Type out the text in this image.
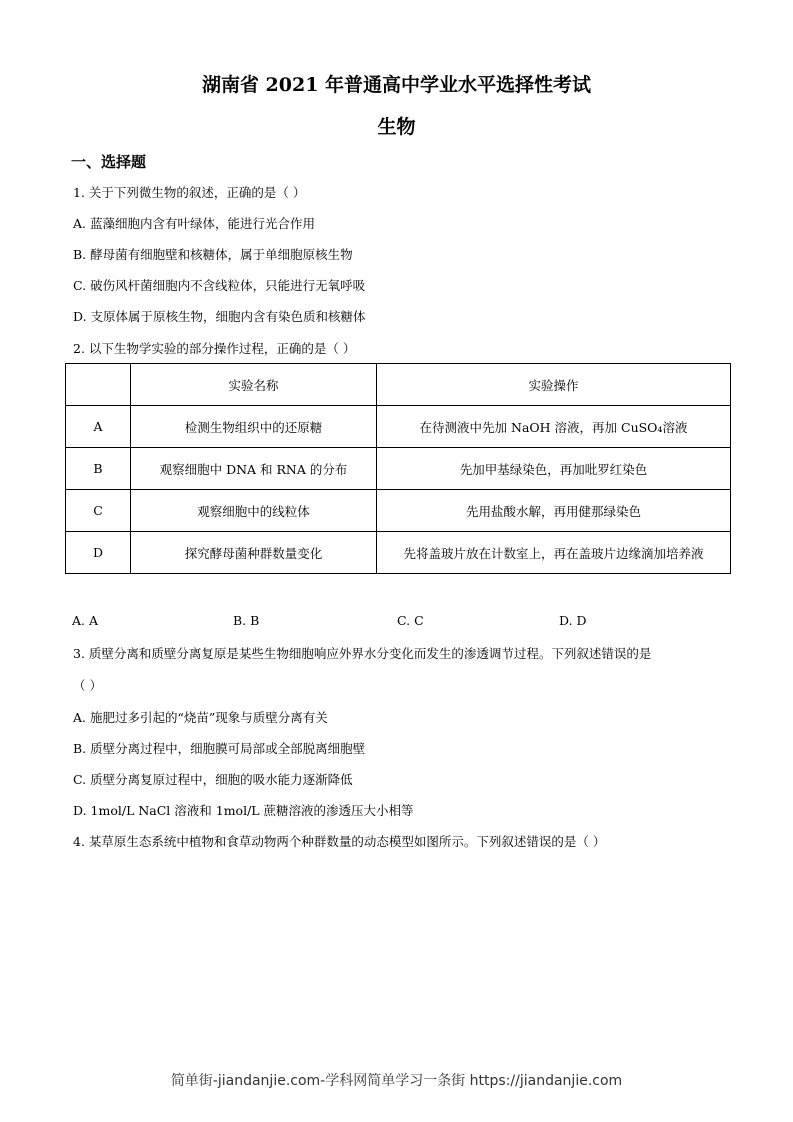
湖南省 2021 年普通高中学业水平选择性考试
生物
一、选择题
1. 关于下列微生物的叙述，正确的是（ ）
A. 蓝藻细胞内含有叶绿体，能进行光合作用
B. 酵母菌有细胞壁和核糖体，属于单细胞原核生物
C. 破伤风杆菌细胞内不含线粒体，只能进行无氧呼吸
D. 支原体属于原核生物，细胞内含有染色质和核糖体
2. 以下生物学实验的部分操作过程，正确的是（ ）
	实验名称	实验操作
A	检测生物组织中的还原糖	在待测液中先加 NaOH 溶液，再加 CuSO₄溶液
B	观察细胞中 DNA 和 RNA 的分布	先加甲基绿染色，再加吡罗红染色
C	观察细胞中的线粒体	先用盐酸水解，再用健那绿染色
D	探究酵母菌种群数量变化	先将盖玻片放在计数室上，再在盖玻片边缘滴加培养液
A. A	B. B	C. C	D. D
3. 质壁分离和质壁分离复原是某些生物细胞响应外界水分变化而发生的渗透调节过程。下列叙述错误的是
（ ）
A. 施肥过多引起的“烧苗”现象与质壁分离有关
B. 质壁分离过程中，细胞膜可局部或全部脱离细胞壁
C. 质壁分离复原过程中，细胞的吸水能力逐渐降低
D. 1mol/L NaCl 溶液和 1mol/L 蔗糖溶液的渗透压大小相等
4. 某草原生态系统中植物和食草动物两个种群数量的动态模型如图所示。下列叙述错误的是（ ）
简单街-jiandanjie.com-学科网简单学习一条街 https://jiandanjie.com
